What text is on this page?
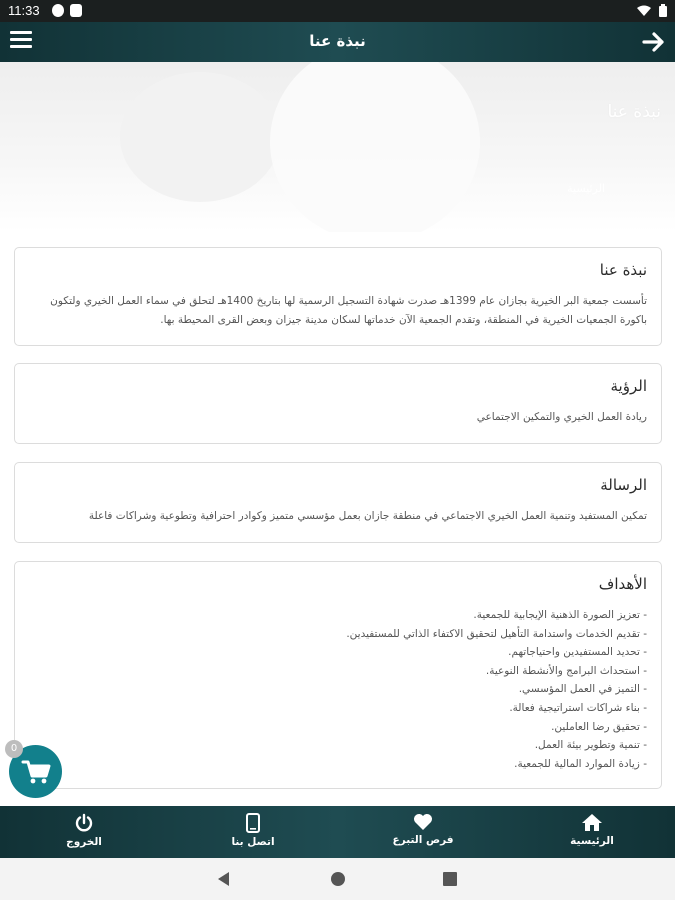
11:33
نبذة عنا
نبذة عنا
الرئيسية
نبذة عنا

تأسست جمعية البر الخيرية بجازان عام 1399هـ صدرت شهادة التسجيل الرسمية لها بتاريخ 1400هـ لتحلق في سماء العمل الخيري ولتكون باكورة الجمعيات الخيرية في المنطقة، وتقدم الجمعية الآن خدماتها لسكان مدينة جيزان وبعض القرى المحيطة بها.

الرؤية

ريادة العمل الخيري والتمكين الاجتماعي

الرسالة

تمكين المستفيد وتنمية العمل الخيري الاجتماعي في منطقة جازان بعمل مؤسسي متميز وكوادر احترافية وتطوعية وشراكات فاعلة

الأهداف
- تعزيز الصورة الذهنية الإيجابية للجمعية.
- تقديم الخدمات واستدامة التأهيل لتحقيق الاكتفاء الذاتي للمستفيدين.
- تحديد المستفيدين واحتياجاتهم.
- استحداث البرامج والأنشطة النوعية.
- التميز في العمل المؤسسي.
- بناء شراكات استراتيجية فعالة.
- تحقيق رضا العاملين.
- تنمية وتطوير بيئة العمل.
- زيادة الموارد المالية للجمعية.
0
الرئيسية
فرص التبرع
اتصل بنا
الخروج
